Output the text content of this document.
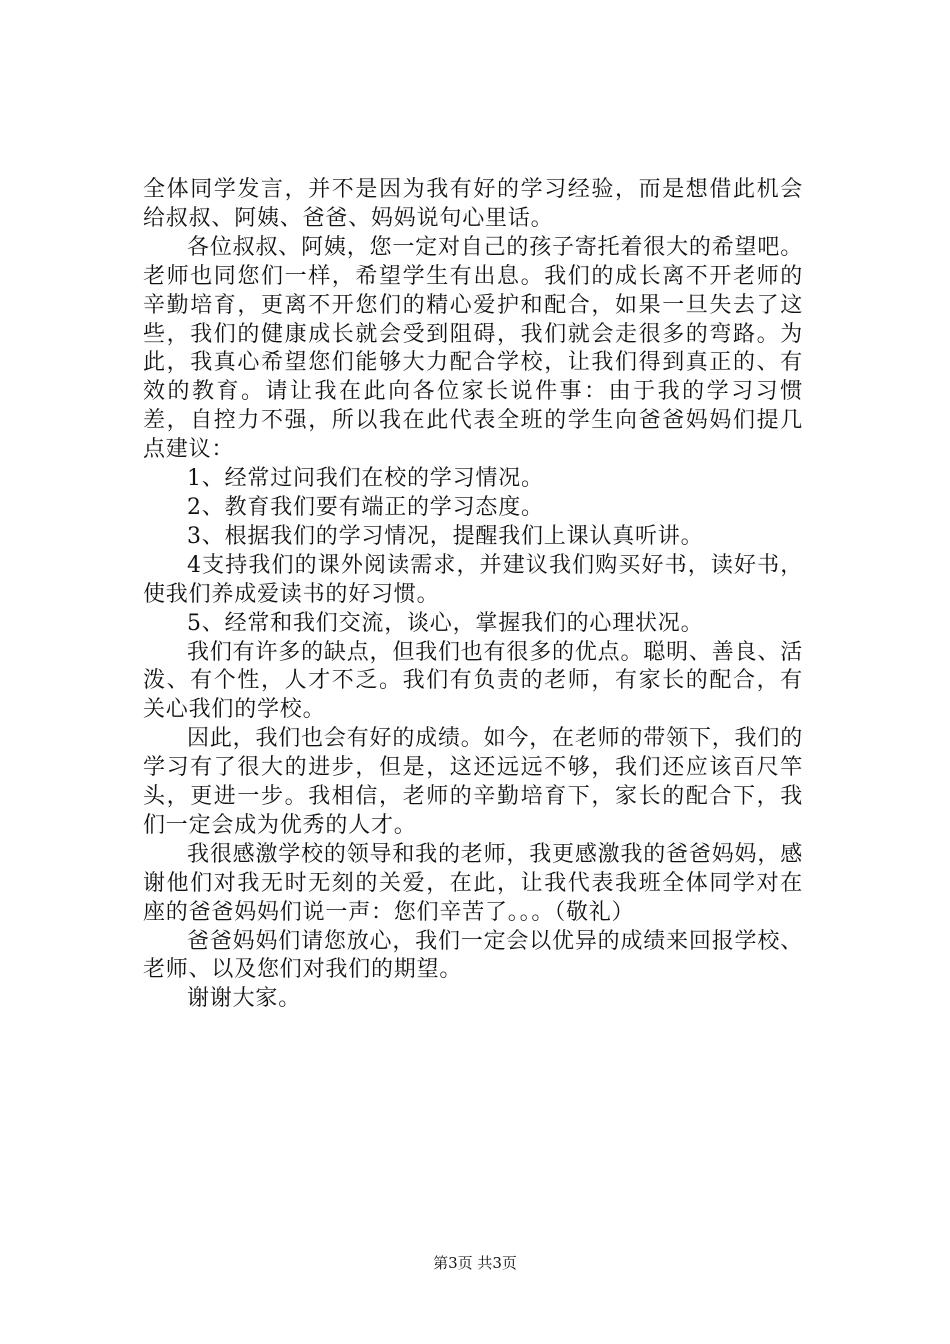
全体同学发言，并不是因为我有好的学习经验，而是想借此机会给叔叔、阿姨、爸爸、妈妈说句心里话。

各位叔叔、阿姨，您一定对自己的孩子寄托着很大的希望吧。老师也同您们一样，希望学生有出息。我们的成长离不开老师的辛勤培育，更离不开您们的精心爱护和配合，如果一旦失去了这些，我们的健康成长就会受到阻碍，我们就会走很多的弯路。为此，我真心希望您们能够大力配合学校，让我们得到真正的、有效的教育。请让我在此向各位家长说件事：由于我的学习习惯差，自控力不强，所以我在此代表全班的学生向爸爸妈妈们提几点建议：

1、经常过问我们在校的学习情况。

2、教育我们要有端正的学习态度。

3、根据我们的学习情况，提醒我们上课认真听讲。

4支持我们的课外阅读需求，并建议我们购买好书，读好书，使我们养成爱读书的好习惯。

5、经常和我们交流，谈心，掌握我们的心理状况。

我们有许多的缺点，但我们也有很多的优点。聪明、善良、活泼、有个性，人才不乏。我们有负责的老师，有家长的配合，有关心我们的学校。

因此，我们也会有好的成绩。如今，在老师的带领下，我们的学习有了很大的进步，但是，这还远远不够，我们还应该百尺竿头，更进一步。我相信，老师的辛勤培育下，家长的配合下，我们一定会成为优秀的人才。

我很感激学校的领导和我的老师，我更感激我的爸爸妈妈，感谢他们对我无时无刻的关爱，在此，让我代表我班全体同学对在座的爸爸妈妈们说一声：您们辛苦了。。。（敬礼）

爸爸妈妈们请您放心，我们一定会以优异的成绩来回报学校、老师、以及您们对我们的期望。

谢谢大家。

第3页 共3页
